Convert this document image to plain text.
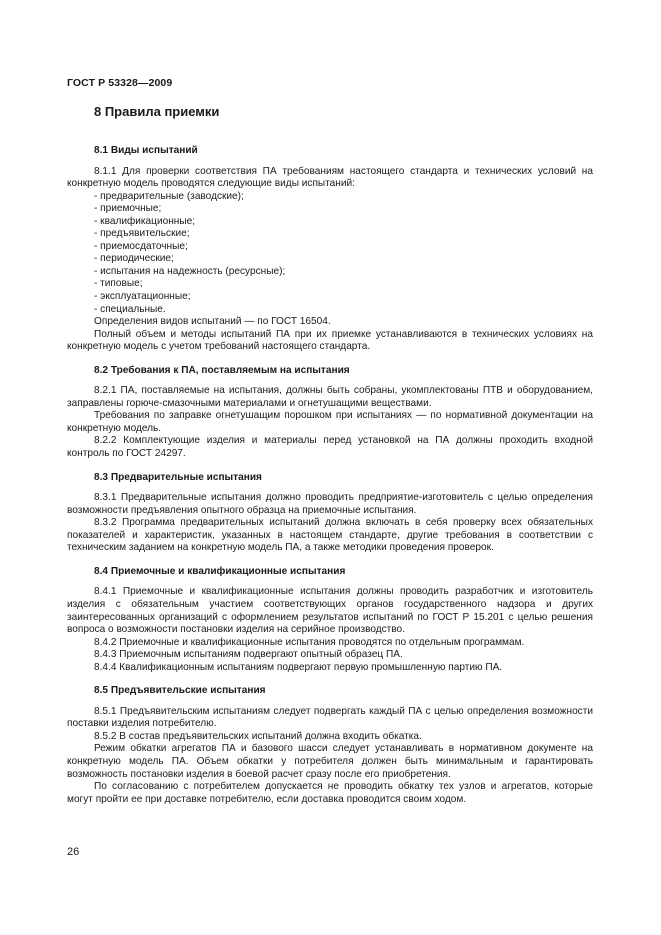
ГОСТ Р 53328—2009
8 Правила приемки
8.1 Виды испытаний

8.1.1 Для проверки соответствия ПА требованиям настоящего стандарта и технических условий на конкретную модель проводятся следующие виды испытаний:

- предварительные (заводские);
- приемочные;
- квалификационные;
- предъявительские;
- приемосдаточные;
- периодические;
- испытания на надежность (ресурсные);
- типовые;
- эксплуатационные;
- специальные.

Определения видов испытаний — по ГОСТ 16504.

Полный объем и методы испытаний ПА при их приемке устанавливаются в технических условиях на конкретную модель с учетом требований настоящего стандарта.

8.2 Требования к ПА, поставляемым на испытания

8.2.1 ПА, поставляемые на испытания, должны быть собраны, укомплектованы ПТВ и оборудованием, заправлены горюче-смазочными материалами и огнетушащими веществами.

Требования по заправке огнетушащим порошком при испытаниях — по нормативной документации на конкретную модель.

8.2.2 Комплектующие изделия и материалы перед установкой на ПА должны проходить входной контроль по ГОСТ 24297.

8.3 Предварительные испытания

8.3.1 Предварительные испытания должно проводить предприятие-изготовитель с целью определения возможности предъявления опытного образца на приемочные испытания.

8.3.2 Программа предварительных испытаний должна включать в себя проверку всех обязательных показателей и характеристик, указанных в настоящем стандарте, другие требования в соответствии с техническим заданием на конкретную модель ПА, а также методики проведения проверок.

8.4 Приемочные и квалификационные испытания

8.4.1 Приемочные и квалификационные испытания должны проводить разработчик и изготовитель изделия с обязательным участием соответствующих органов государственного надзора и других заинтересованных организаций с оформлением результатов испытаний по ГОСТ Р 15.201 с целью решения вопроса о возможности постановки изделия на серийное производство.

8.4.2 Приемочные и квалификационные испытания проводятся по отдельным программам.

8.4.3 Приемочным испытаниям подвергают опытный образец ПА.

8.4.4 Квалификационным испытаниям подвергают первую промышленную партию ПА.

8.5 Предъявительские испытания

8.5.1 Предъявительским испытаниям следует подвергать каждый ПА с целью определения возможности поставки изделия потребителю.

8.5.2 В состав предъявительских испытаний должна входить обкатка.

Режим обкатки агрегатов ПА и базового шасси следует устанавливать в нормативном документе на конкретную модель ПА. Объем обкатки у потребителя должен быть минимальным и гарантировать возможность постановки изделия в боевой расчет сразу после его приобретения.

По согласованию с потребителем допускается не проводить обкатку тех узлов и агрегатов, которые могут пройти ее при доставке потребителю, если доставка проводится своим ходом.

26
